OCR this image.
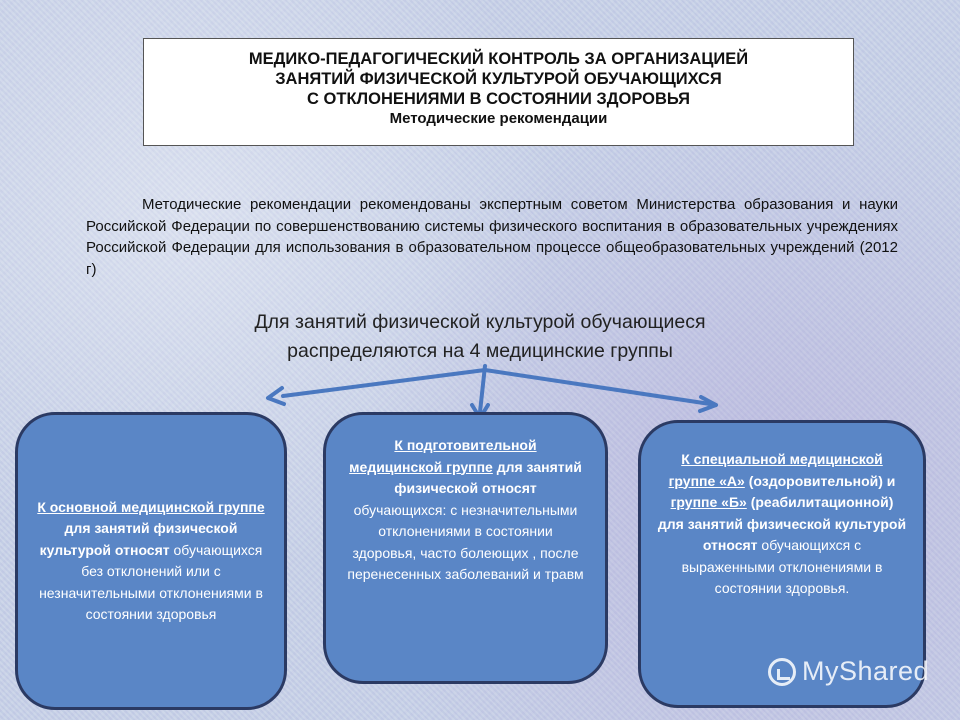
МЕДИКО-ПЕДАГОГИЧЕСКИЙ КОНТРОЛЬ ЗА ОРГАНИЗАЦИЕЙ
ЗАНЯТИЙ ФИЗИЧЕСКОЙ КУЛЬТУРОЙ ОБУЧАЮЩИХСЯ
С ОТКЛОНЕНИЯМИ В СОСТОЯНИИ ЗДОРОВЬЯ
Методические рекомендации
Методические рекомендации рекомендованы экспертным советом Министерства образования и науки Российской Федерации по совершенствованию системы физического воспитания в образовательных учреждениях Российской Федерации для использования в образовательном процессе общеобразовательных учреждений (2012 г)
Для занятий физической культурой обучающиеся
распределяются на 4 медицинские группы

К основной медицинской группе для занятий физической культурой относят обучающихся без отклонений или с незначительными отклонениями в состоянии здоровья

К подготовительной медицинской группе для занятий физической относят обучающихся: с незначительными отклонениями в состоянии здоровья, часто болеющих , после перенесенных заболеваний и травм

К специальной медицинской группе «А» (оздоровительной) и группе «Б» (реабилитационной) для занятий физической культурой относят обучающихся с выраженными отклонениями в состоянии здоровья.

MyShared
